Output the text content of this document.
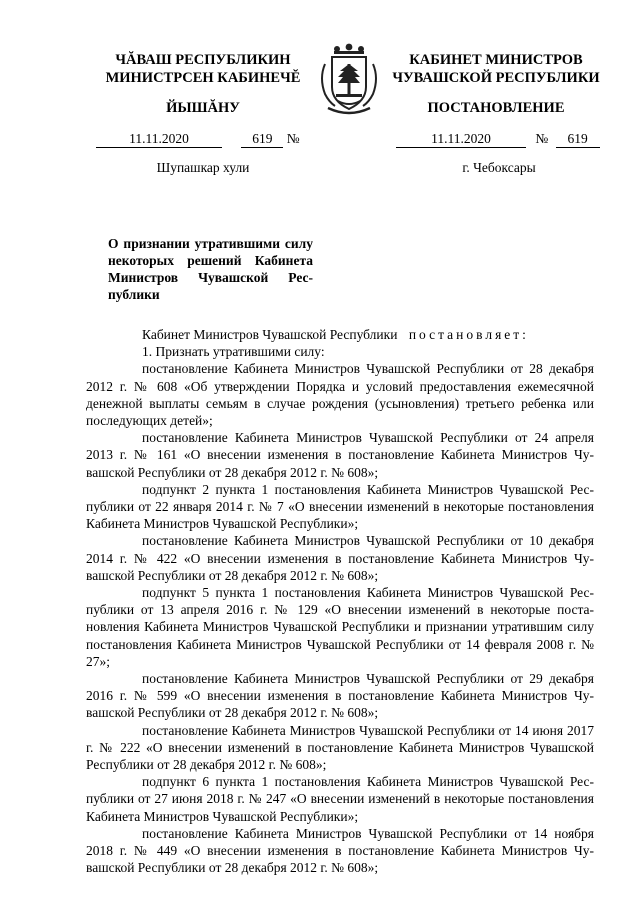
ЧĂВАШ РЕСПУБЛИКИН
МИНИСТРСЕН КАБИНЕЧĔ
ЙЫШĂНУ
КАБИНЕТ МИНИСТРОВ
ЧУВАШСКОЙ РЕСПУБЛИКИ
ПОСТАНОВЛЕНИЕ
11.11.2020	619 №	11.11.2020	№ 619
Шупашкар хули	г. Чебоксары
О признании утратившими силу некоторых решений Кабинета Министров Чувашской Республики

Кабинет Министров Чувашской Республики постановляет:

1. Признать утратившими силу:

постановление Кабинета Министров Чувашской Республики от 28 декабря 2012 г. № 608 «Об утверждении Порядка и условий предоставления ежемесячной денежной выплаты семьям в случае рождения (усыновления) третьего ребенка или последующих детей»;

постановление Кабинета Министров Чувашской Республики от 24 апреля 2013 г. № 161 «О внесении изменения в постановление Кабинета Министров Чувашской Республики от 28 декабря 2012 г. № 608»;

подпункт 2 пункта 1 постановления Кабинета Министров Чувашской Республики от 22 января 2014 г. № 7 «О внесении изменений в некоторые постановления Кабинета Министров Чувашской Республики»;

постановление Кабинета Министров Чувашской Республики от 10 декабря 2014 г. № 422 «О внесении изменения в постановление Кабинета Министров Чувашской Республики от 28 декабря 2012 г. № 608»;

подпункт 5 пункта 1 постановления Кабинета Министров Чувашской Республики от 13 апреля 2016 г. № 129 «О внесении изменений в некоторые постановления Кабинета Министров Чувашской Республики и признании утратившим силу постановления Кабинета Министров Чувашской Республики от 14 февраля 2008 г. № 27»;

постановление Кабинета Министров Чувашской Республики от 29 декабря 2016 г. № 599 «О внесении изменения в постановление Кабинета Министров Чувашской Республики от 28 декабря 2012 г. № 608»;

постановление Кабинета Министров Чувашской Республики от 14 июня 2017 г. № 222 «О внесении изменений в постановление Кабинета Министров Чувашской Республики от 28 декабря 2012 г. № 608»;

подпункт 6 пункта 1 постановления Кабинета Министров Чувашской Республики от 27 июня 2018 г. № 247 «О внесении изменений в некоторые постановления Кабинета Министров Чувашской Республики»;

постановление Кабинета Министров Чувашской Республики от 14 ноября 2018 г. № 449 «О внесении изменения в постановление Кабинета Министров Чувашской Республики от 28 декабря 2012 г. № 608»;
